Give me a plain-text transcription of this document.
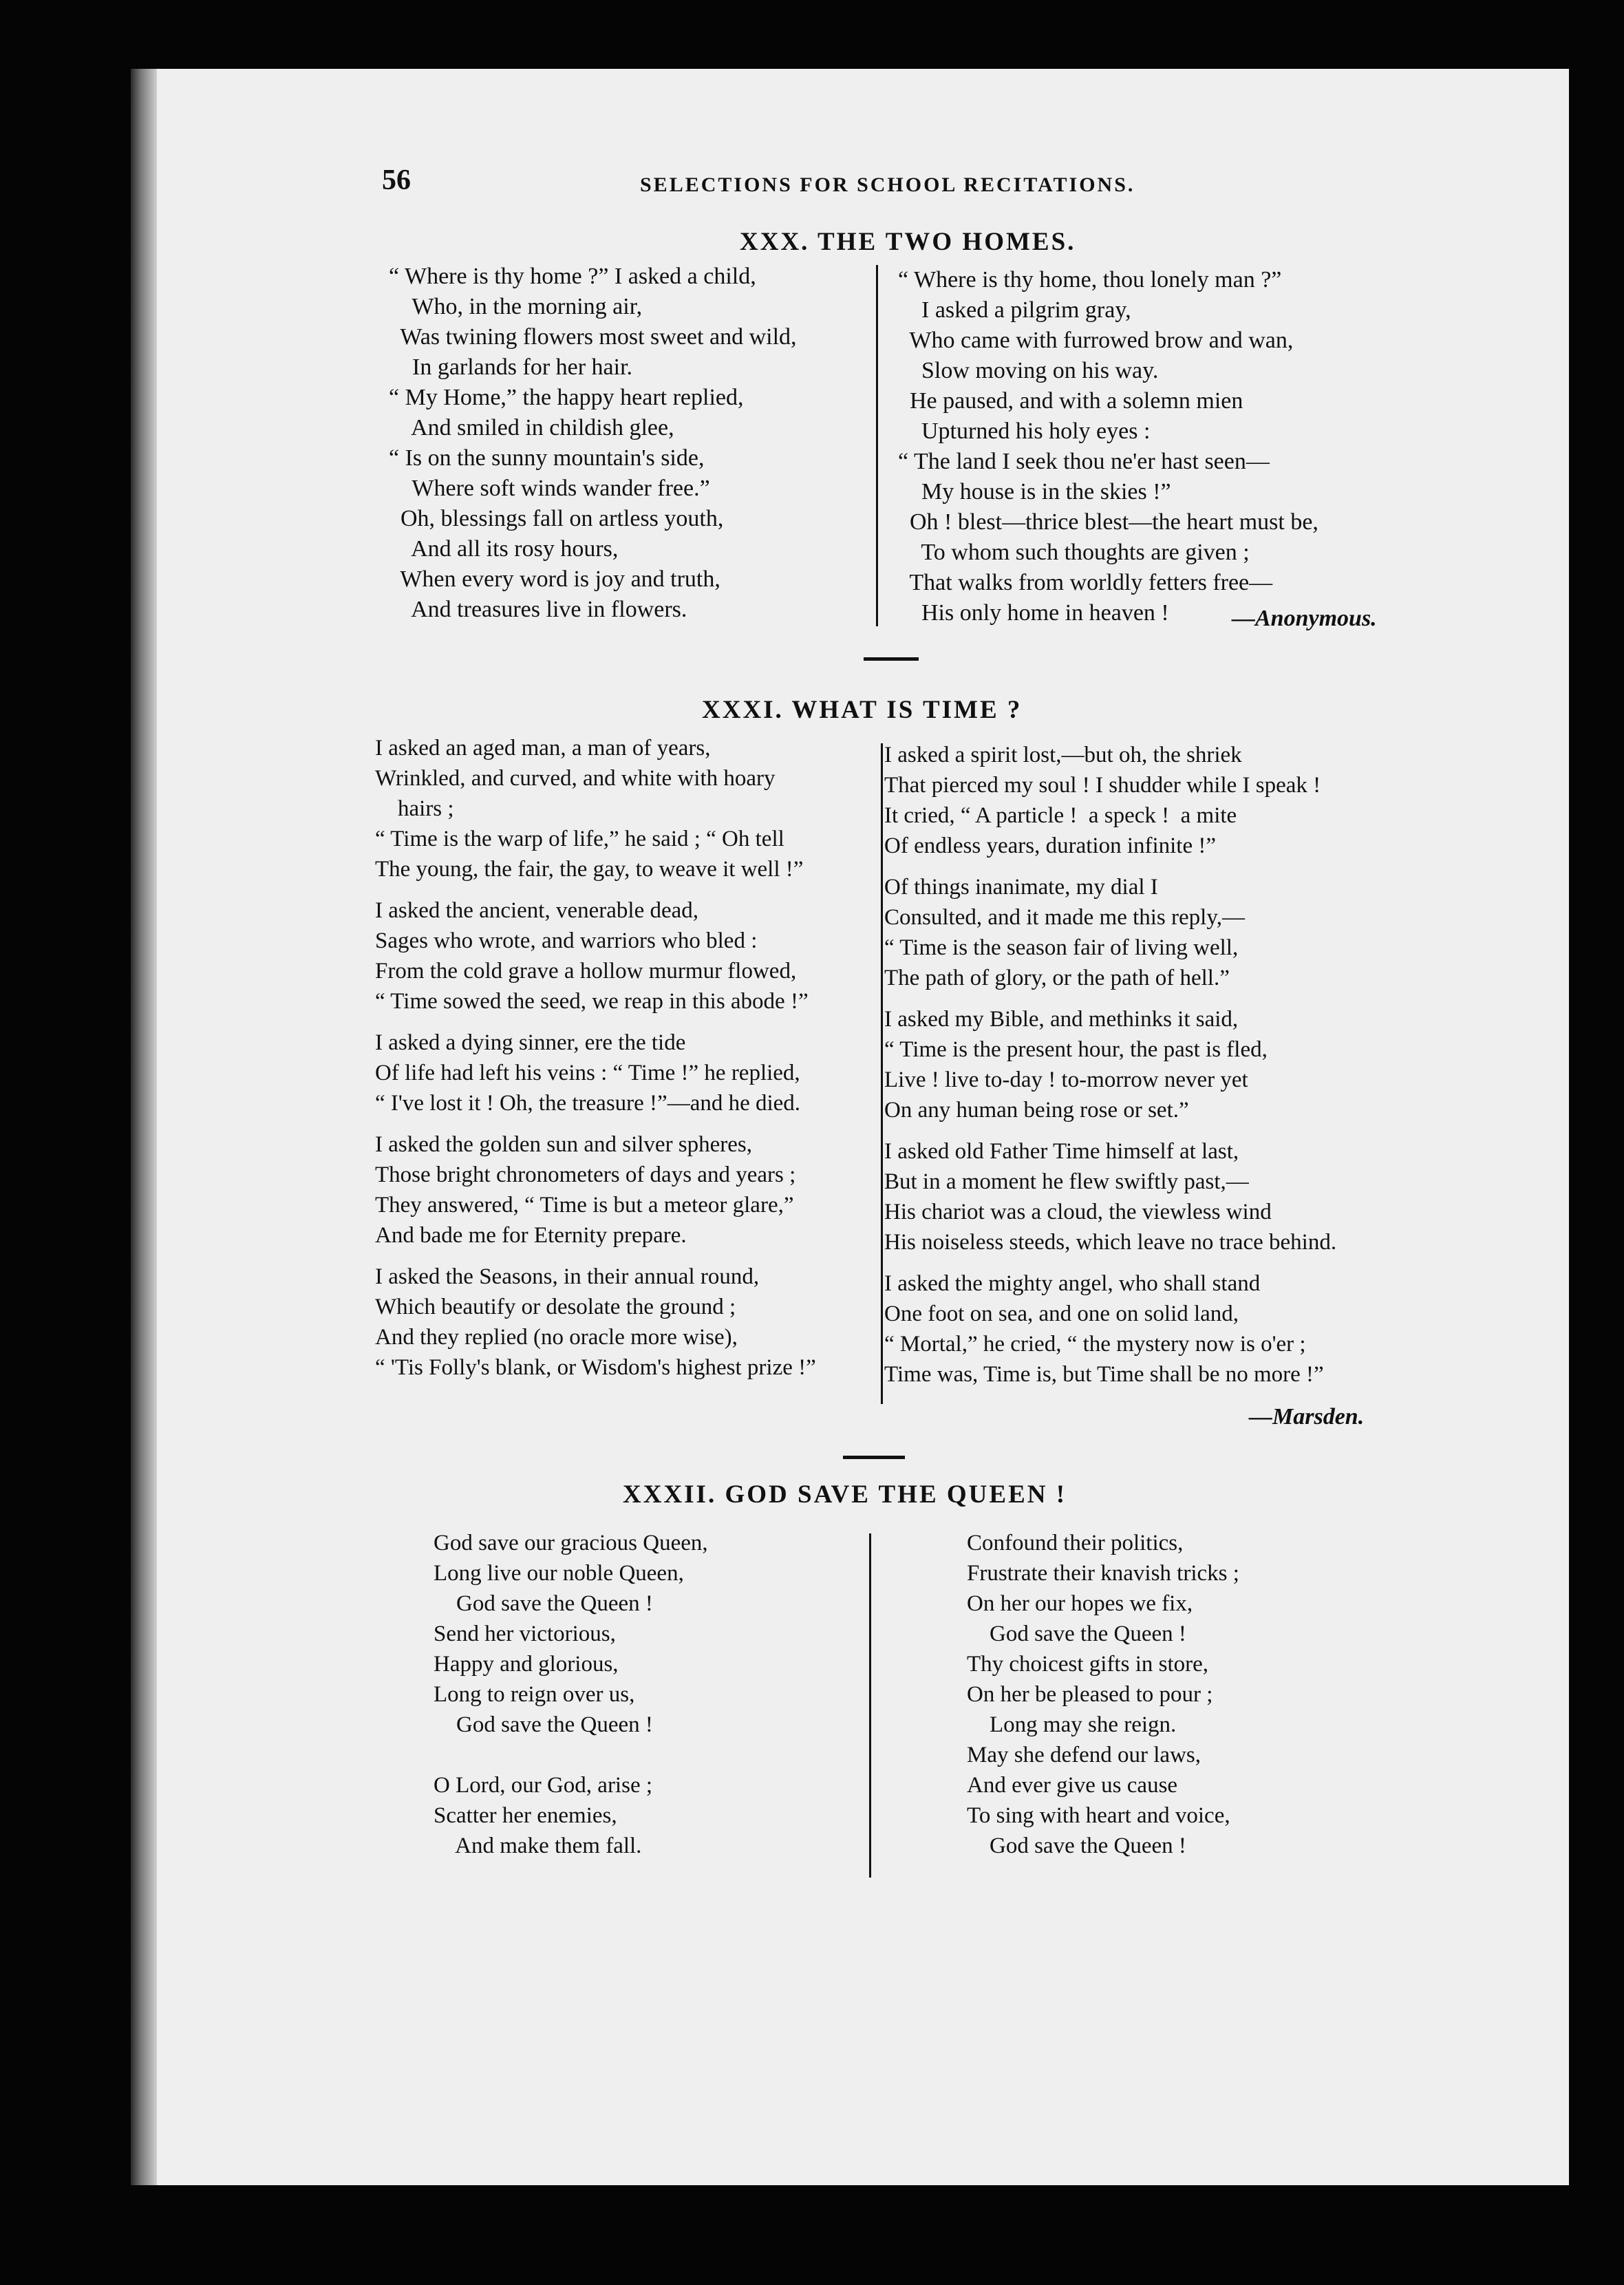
56	SELECTIONS FOR SCHOOL RECITATIONS.
XXX. THE TWO HOMES.
“ Where is thy home ?” I asked a child,
Who, in the morning air,
Was twining flowers most sweet and wild,
In garlands for her hair.
“ My Home,” the happy heart replied,
And smiled in childish glee,
“ Is on the sunny mountain's side,
Where soft winds wander free.”
Oh, blessings fall on artless youth,
And all its rosy hours,
When every word is joy and truth,
And treasures live in flowers.
“ Where is thy home, thou lonely man ?”
I asked a pilgrim gray,
Who came with furrowed brow and wan,
Slow moving on his way.
He paused, and with a solemn mien
Upturned his holy eyes :
“ The land I seek thou ne'er hast seen—
My house is in the skies !”
Oh ! blest—thrice blest—the heart must be,
To whom such thoughts are given ;
That walks from worldly fetters free—
His only home in heaven !	—Anonymous.
XXXI. WHAT IS TIME ?
I asked an aged man, a man of years,
Wrinkled, and curved, and white with hoary
hairs ;
“ Time is the warp of life,” he said ; “ Oh tell
The young, the fair, the gay, to weave it well !”
I asked the ancient, venerable dead,
Sages who wrote, and warriors who bled :
From the cold grave a hollow murmur flowed,
“ Time sowed the seed, we reap in this abode !”
I asked a dying sinner, ere the tide
Of life had left his veins : “ Time !” he replied,
“ I've lost it ! Oh, the treasure !”—and he died.
I asked the golden sun and silver spheres,
Those bright chronometers of days and years ;
They answered, “ Time is but a meteor glare,”
And bade me for Eternity prepare.
I asked the Seasons, in their annual round,
Which beautify or desolate the ground ;
And they replied (no oracle more wise),
“ 'Tis Folly's blank, or Wisdom's highest prize !”
I asked a spirit lost,—but oh, the shriek
That pierced my soul ! I shudder while I speak !
It cried, “ A particle !  a speck !  a mite
Of endless years, duration infinite !”
Of things inanimate, my dial I
Consulted, and it made me this reply,—
“ Time is the season fair of living well,
The path of glory, or the path of hell.”
I asked my Bible, and methinks it said,
“ Time is the present hour, the past is fled,
Live ! live to-day ! to-morrow never yet
On any human being rose or set.”
I asked old Father Time himself at last,
But in a moment he flew swiftly past,—
His chariot was a cloud, the viewless wind
His noiseless steeds, which leave no trace behind.
I asked the mighty angel, who shall stand
One foot on sea, and one on solid land,
“ Mortal,” he cried, “ the mystery now is o'er ;
Time was, Time is, but Time shall be no more !”
—Marsden.
XXXII. GOD SAVE THE QUEEN !
God save our gracious Queen,
Long live our noble Queen,
God save the Queen !
Send her victorious,
Happy and glorious,
Long to reign over us,
God save the Queen !
O Lord, our God, arise ;
Scatter her enemies,
And make them fall.
Confound their politics,
Frustrate their knavish tricks ;
On her our hopes we fix,
God save the Queen !
Thy choicest gifts in store,
On her be pleased to pour ;
Long may she reign.
May she defend our laws,
And ever give us cause
To sing with heart and voice,
God save the Queen !
